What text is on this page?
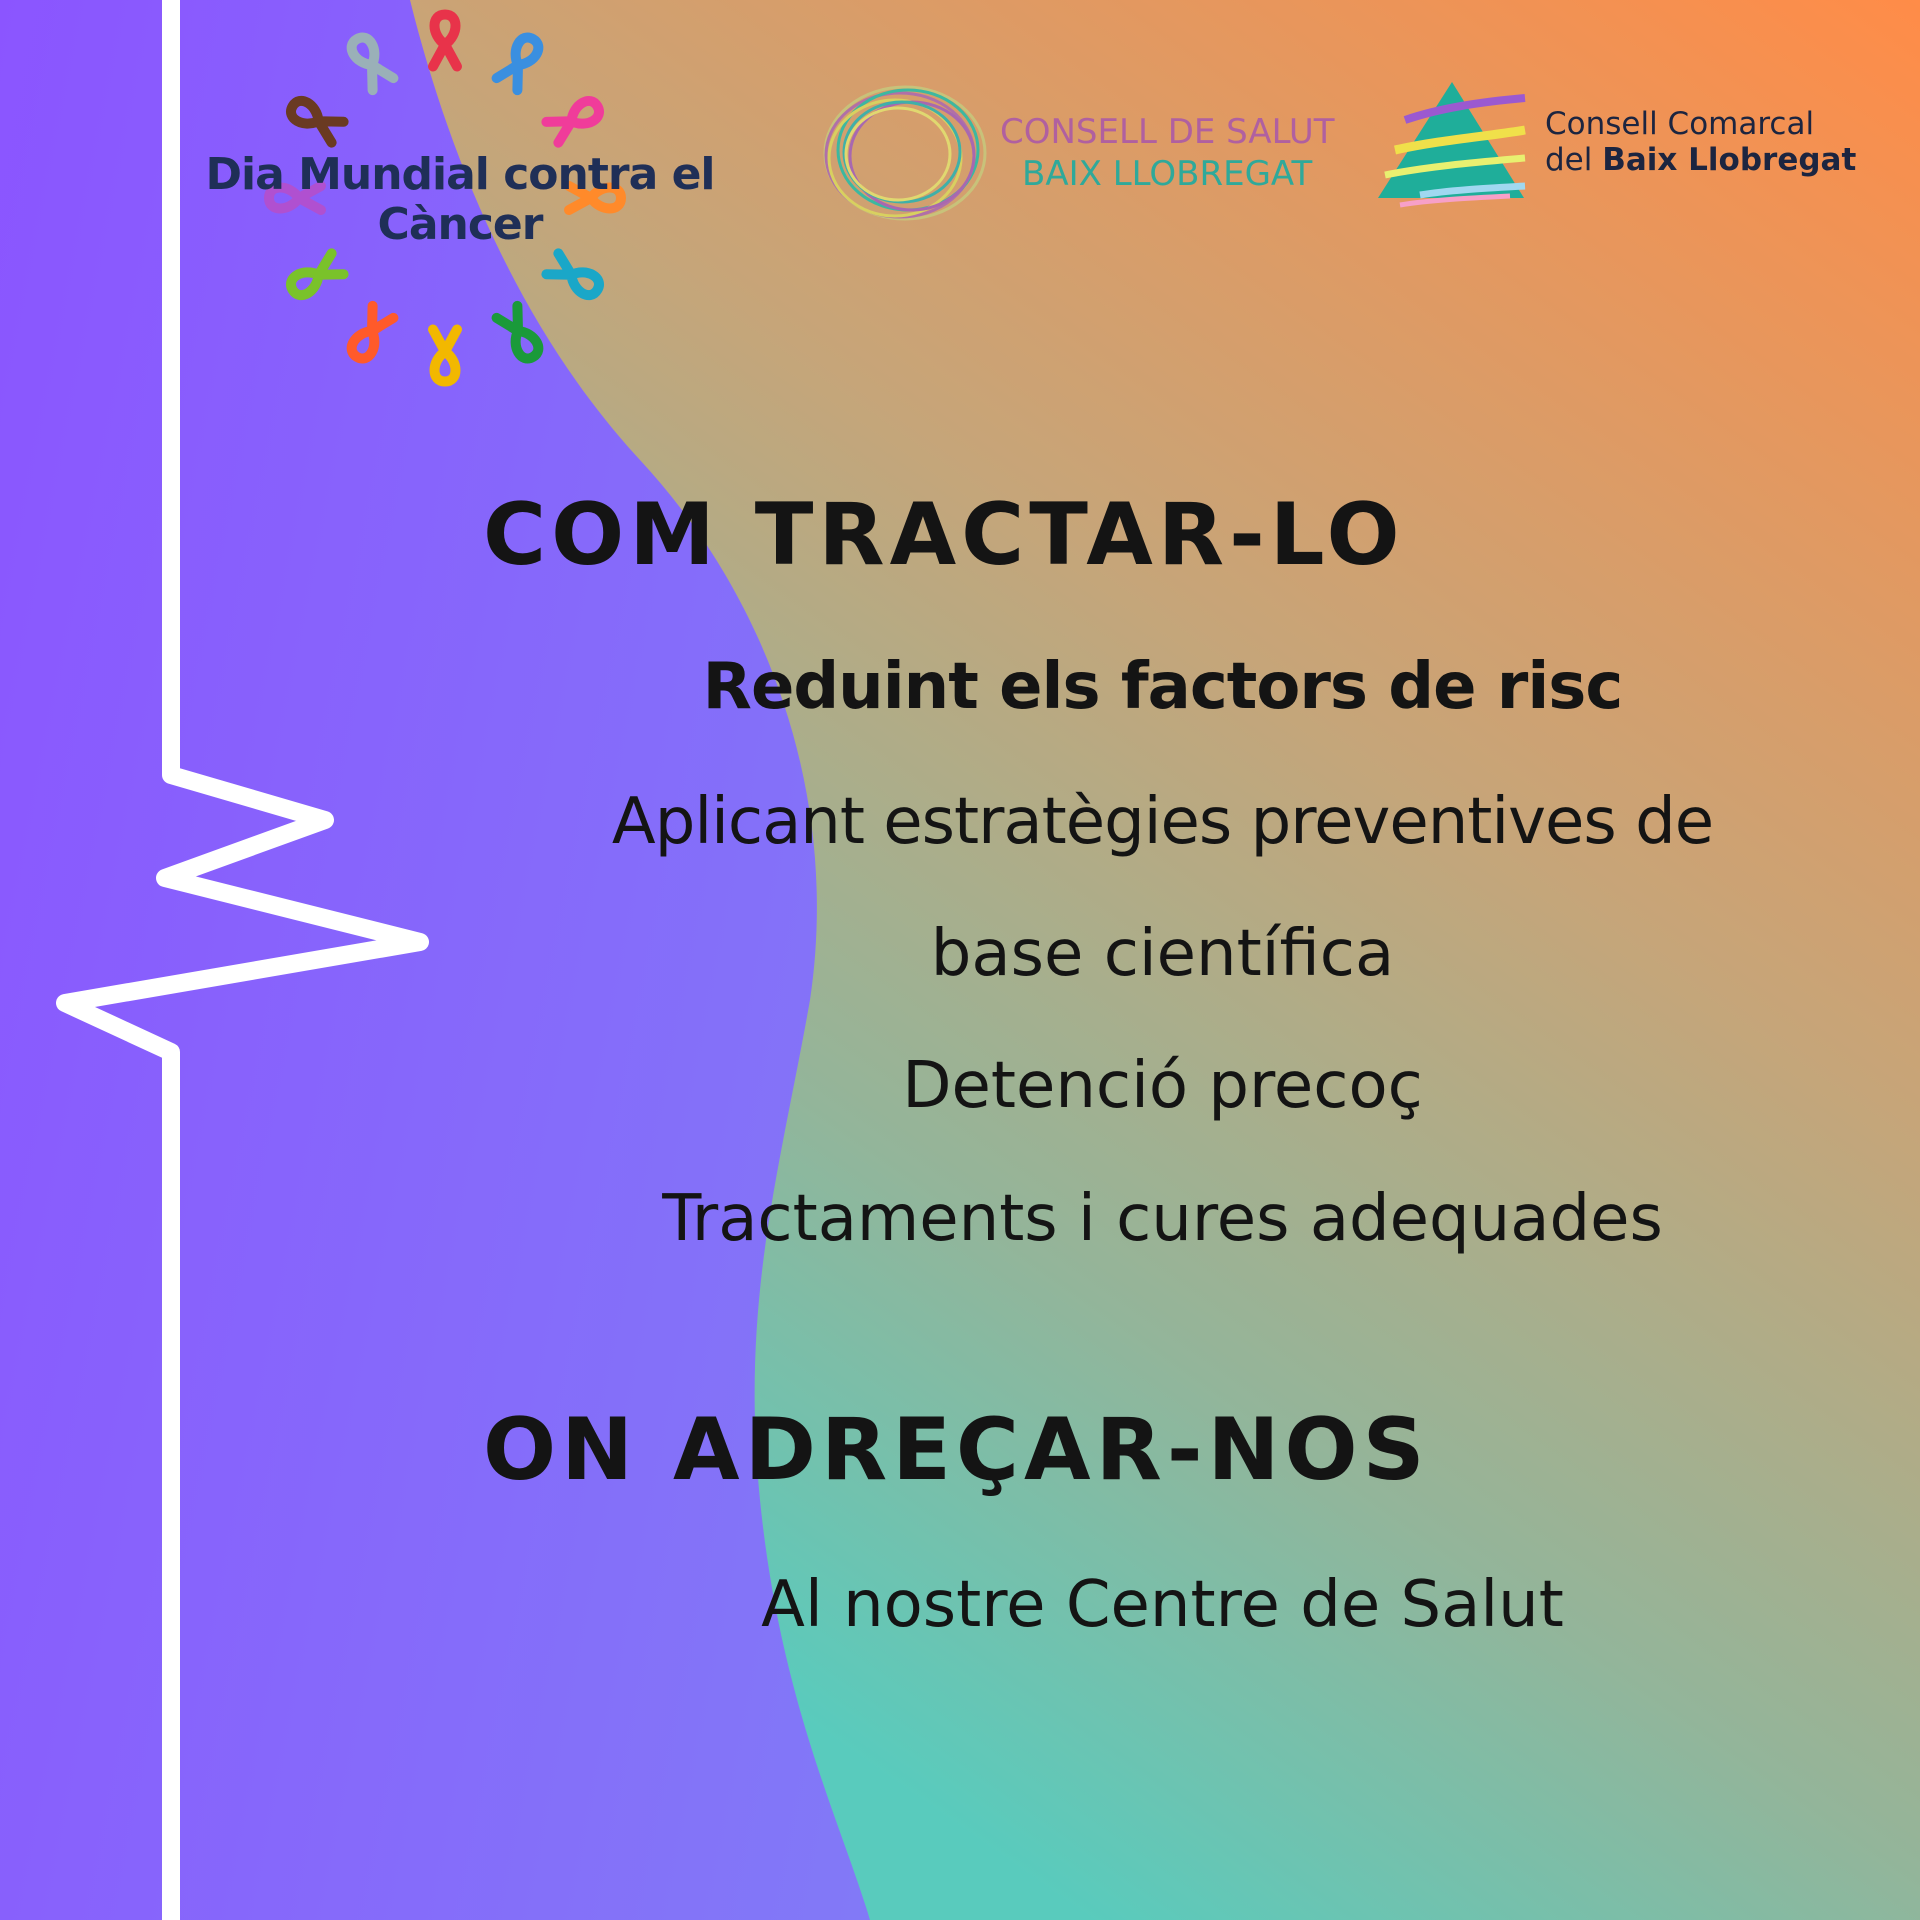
Dia Mundial contra el Càncer
CONSELL DE SALUT
BAIX LLOBREGAT
Consell Comarcal
del Baix Llobregat
COM TRACTAR-LO
Reduint els factors de risc
Aplicant estratègies preventives de
base científica
Detenció precoç
Tractaments i cures adequades
ON ADREÇAR-NOS
Al nostre Centre de Salut
